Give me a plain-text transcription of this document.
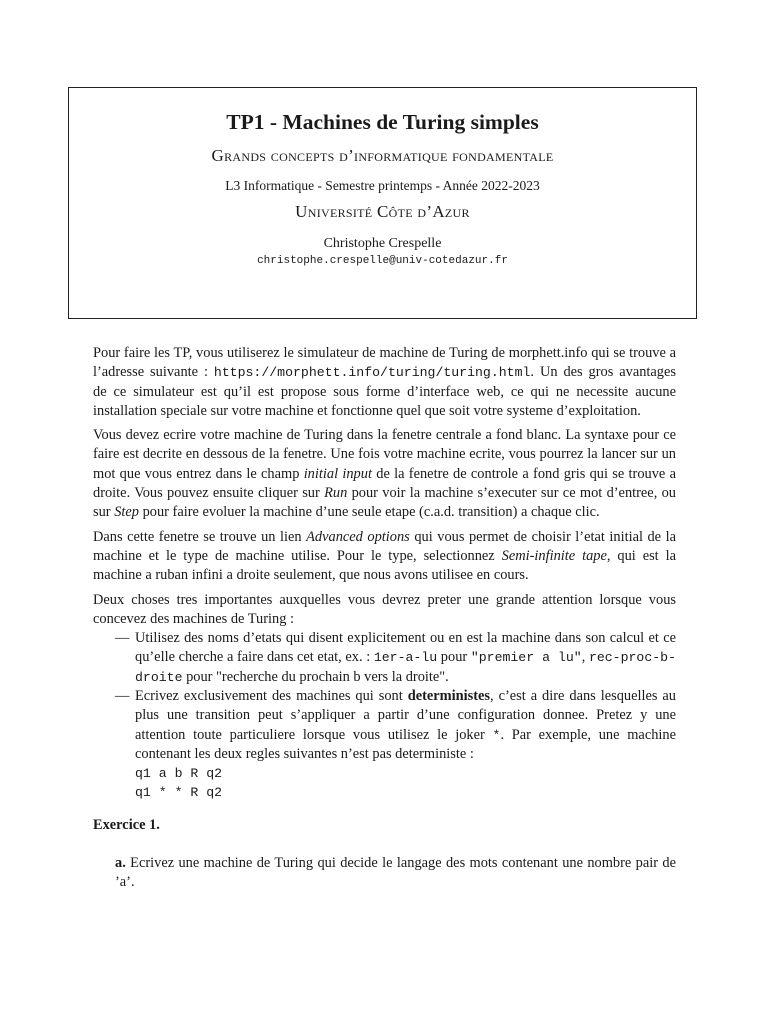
TP1 - Machines de Turing simples
Grands concepts d’informatique fondamentale
L3 Informatique - Semestre printemps - Année 2022-2023
Université Côte d’Azur
Christophe Crespelle
christophe.crespelle@univ-cotedazur.fr

Pour faire les TP, vous utiliserez le simulateur de machine de Turing de morphett.info qui se trouve a l’adresse suivante : https://morphett.info/turing/turing.html. Un des gros avantages de ce simulateur est qu’il est propose sous forme d’interface web, ce qui ne necessite aucune installation speciale sur votre machine et fonctionne quel que soit votre systeme d’exploitation.

Vous devez ecrire votre machine de Turing dans la fenetre centrale a fond blanc. La syntaxe pour ce faire est decrite en dessous de la fenetre. Une fois votre machine ecrite, vous pourrez la lancer sur un mot que vous entrez dans le champ initial input de la fenetre de controle a fond gris qui se trouve a droite. Vous pouvez ensuite cliquer sur Run pour voir la machine s’executer sur ce mot d’entree, ou sur Step pour faire evoluer la machine d’une seule etape (c.a.d. transition) a chaque clic.

Dans cette fenetre se trouve un lien Advanced options qui vous permet de choisir l’etat initial de la machine et le type de machine utilise. Pour le type, selectionnez Semi-infinite tape, qui est la machine a ruban infini a droite seulement, que nous avons utilisee en cours.

Deux choses tres importantes auxquelles vous devrez preter une grande attention lorsque vous concevez des machines de Turing :

— Utilisez des noms d’etats qui disent explicitement ou en est la machine dans son calcul et ce qu’elle cherche a faire dans cet etat, ex. : 1er-a-lu pour "premier a lu", rec-proc-b-droite pour "recherche du prochain b vers la droite".
— Ecrivez exclusivement des machines qui sont deterministes, c’est a dire dans lesquelles au plus une transition peut s’appliquer a partir d’une configuration donnee. Pretez y une attention toute particuliere lorsque vous utilisez le joker *. Par exemple, une machine contenant les deux regles suivantes n’est pas deterministe :
q1 a b R q2
q1 * * R q2
Exercice 1.
a. Ecrivez une machine de Turing qui decide le langage des mots contenant une nombre pair de ’a’.
